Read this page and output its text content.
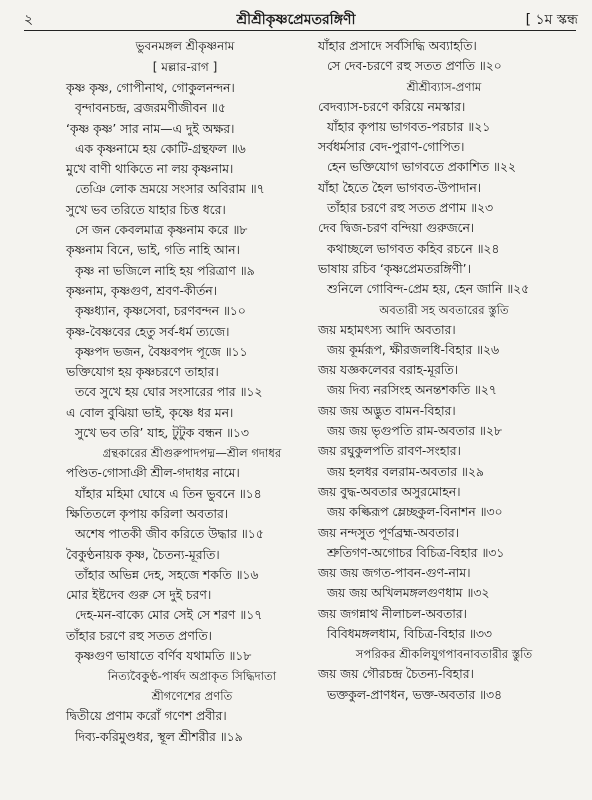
২	শ্রীশ্রীকৃষ্ণপ্রেমতরঙ্গিণী	[ ১ম স্কন্ধ
ভুবনমঙ্গল শ্রীকৃষ্ণনাম
[ মল্লার-রাগ ]
কৃষ্ণ কৃষ্ণ, গোপীনাথ, গোকুলনন্দন।
বৃন্দাবনচন্দ্র, ব্রজরমণীজীবন ॥৫
‘কৃষ্ণ কৃষ্ণ’ সার নাম—এ দুই অক্ষর।
এক কৃষ্ণনামে হয় কোটি-গ্রন্থফল ॥৬
মুখে বাণী থাকিতে না লয় কৃষ্ণনাম।
তেঞি লোক ভ্রময়ে সংসার অবিরাম ॥৭
সুখে ভব তরিতে যাহার চিত্ত ধরে।
সে জন কেবলমাত্র কৃষ্ণনাম করে ॥৮
কৃষ্ণনাম বিনে, ভাই, গতি নাহি আন।
কৃষ্ণ না ভজিলে নাহি হয় পরিত্রাণ ॥৯
কৃষ্ণনাম, কৃষ্ণগুণ, শ্রবণ-কীর্তন।
কৃষ্ণধ্যান, কৃষ্ণসেবা, চরণবন্দন ॥১০
কৃষ্ণ-বৈষ্ণবের হেতু সর্ব-ধর্ম ত্যজে।
কৃষ্ণপদ ভজন, বৈষ্ণবপদ পূজে ॥১১
ভক্তিযোগ হয় কৃষ্ণচরণে তাহার।
তবে সুখে হয় ঘোর সংসারের পার ॥১২
এ বোল বুঝিয়া ভাই, কৃষ্ণে ধর মন।
সুখে ভব তরি’ যাহ, টুটুক বন্ধন ॥১৩
গ্রন্থকারের শ্রীগুরুপাদপদ্ম—শ্রীল গদাধর
পণ্ডিত-গোসাঞী শ্রীল-গদাধর নামে।
যাঁহার মহিমা ঘোষে এ তিন ভুবনে ॥১৪
ক্ষিতিতলে কৃপায় করিলা অবতার।
অশেষ পাতকী জীব করিতে উদ্ধার ॥১৫
বৈকুণ্ঠনায়ক কৃষ্ণ, চৈতন্য-মূরতি।
তাঁহার অভিন্ন দেহ, সহজে শকতি ॥১৬
মোর ইষ্টদেব গুরু সে দুই চরণ।
দেহ-মন-বাক্যে মোর সেই সে শরণ ॥১৭
তাঁহার চরণে রহু সতত প্রণতি।
কৃষ্ণগুণ ভাষাতে বর্ণিব যথামতি ॥১৮
নিত্যবৈকুণ্ঠ-পার্ষদ অপ্রাকৃত সিদ্ধিদাতা
শ্রীগণেশের প্রণতি
দ্বিতীয়ে প্রণাম করোঁ গণেশ প্রবীর।
দিব্য-করিমুণ্ডধর, স্থূল শ্রীশরীর ॥১৯
যাঁহার প্রসাদে সর্বসিদ্ধি অব্যাহতি।
সে দেব-চরণে রহু সতত প্রণতি ॥২০
শ্রীশ্রীব্যাস-প্রণাম
বেদব্যাস-চরণে করিয়ে নমস্কার।
যাঁহার কৃপায় ভাগবত-পরচার ॥২১
সর্বধর্মসার বেদ-পুরাণ-গোপিত।
হেন ভক্তিযোগ ভাগবতে প্রকাশিত ॥২২
যাঁহা হৈতে হৈল ভাগবত-উপাদান।
তাঁহার চরণে রহু সতত প্রণাম ॥২৩
দেব দ্বিজ-চরণ বন্দিয়া গুরুজনে।
কথাচ্ছলে ভাগবত কহিব রচনে ॥২৪
ভাষায় রচিব ‘কৃষ্ণপ্রেমতরঙ্গিণী’।
শুনিলে গোবিন্দ-প্রেম হয়, হেন জানি ॥২৫
অবতারী সহ অবতারের স্তুতি
জয় মহামৎস্য আদি অবতার।
জয় কূর্মরূপ, ক্ষীরজলধি-বিহার ॥২৬
জয় যজ্ঞকলেবর বরাহ-মূরতি।
জয় দিব্য নরসিংহ অনন্তশকতি ॥২৭
জয় জয় অদ্ভুত বামন-বিহার।
জয় জয় ভৃগুপতি রাম-অবতার ॥২৮
জয় রঘুকুলপতি রাবণ-সংহার।
জয় হলধর বলরাম-অবতার ॥২৯
জয় বুদ্ধ-অবতার অসুরমোহন।
জয় কল্কিরূপ ম্লেচ্ছকুল-বিনাশন ॥৩০
জয় নন্দসুত পূর্ণব্রহ্ম-অবতার।
শ্রুতিগণ-অগোচর বিচিত্র-বিহার ॥৩১
জয় জয় জগত-পাবন-গুণ-নাম।
জয় জয় অখিলমঙ্গলগুণধাম ॥৩২
জয় জগন্নাথ নীলাচল-অবতার।
বিবিধমঙ্গলধাম, বিচিত্র-বিহার ॥৩৩
সপরিকর শ্রীকলিযুগপাবনাবতারীর স্তুতি
জয় জয় গৌরচন্দ্র চৈতন্য-বিহার।
ভক্তকুল-প্রাণধন, ভক্ত-অবতার ॥৩৪
